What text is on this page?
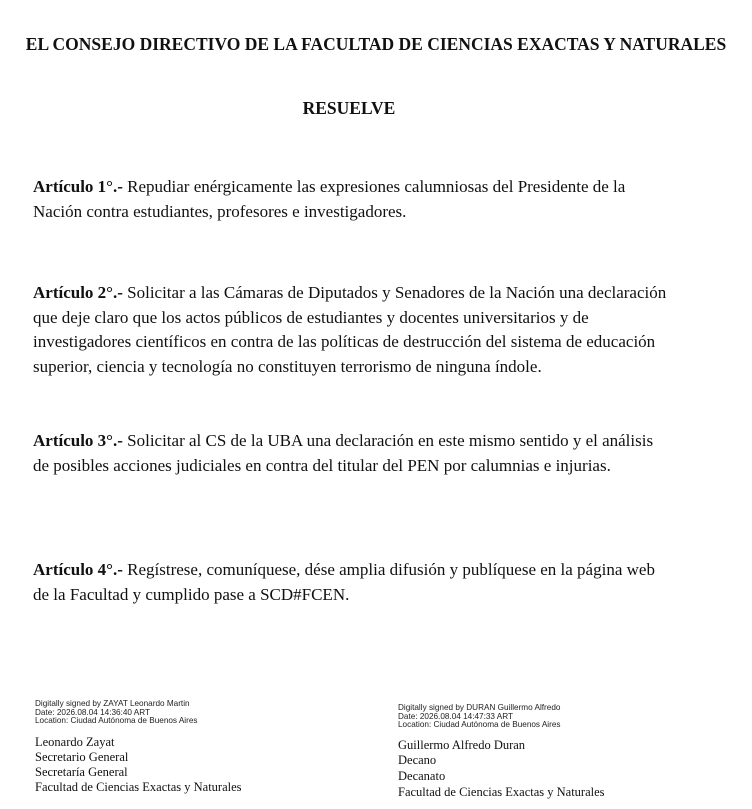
EL CONSEJO DIRECTIVO DE LA FACULTAD DE CIENCIAS EXACTAS Y NATURALES
RESUELVE
Artículo 1°.- Repudiar enérgicamente las expresiones calumniosas del Presidente de la Nación contra estudiantes, profesores e investigadores.
Artículo 2°.- Solicitar a las Cámaras de Diputados y Senadores de la Nación una declaración que deje claro que los actos públicos de estudiantes y docentes universitarios y de investigadores científicos en contra de las políticas de destrucción del sistema de educación superior, ciencia y tecnología no constituyen terrorismo de ninguna índole.
Artículo 3°.- Solicitar al CS de la UBA una declaración en este mismo sentido y el análisis de posibles acciones judiciales en contra del titular del PEN por calumnias e injurias.
Artículo 4°.- Regístrese, comuníquese, dése amplia difusión y publíquese en la página web de la Facultad y cumplido pase a SCD#FCEN.
Digitally signed by ZAYAT Leonardo Martin
Date: 2026.08.04 14:36:40 ART
Location: Ciudad Autónoma de Buenos Aires
Leonardo Zayat
Secretario General
Secretaría General
Facultad de Ciencias Exactas y Naturales
Digitally signed by DURAN Guillermo Alfredo
Date: 2026.08.04 14:47:33 ART
Location: Ciudad Autónoma de Buenos Aires
Guillermo Alfredo Duran
Decano
Decanato
Facultad de Ciencias Exactas y Naturales
